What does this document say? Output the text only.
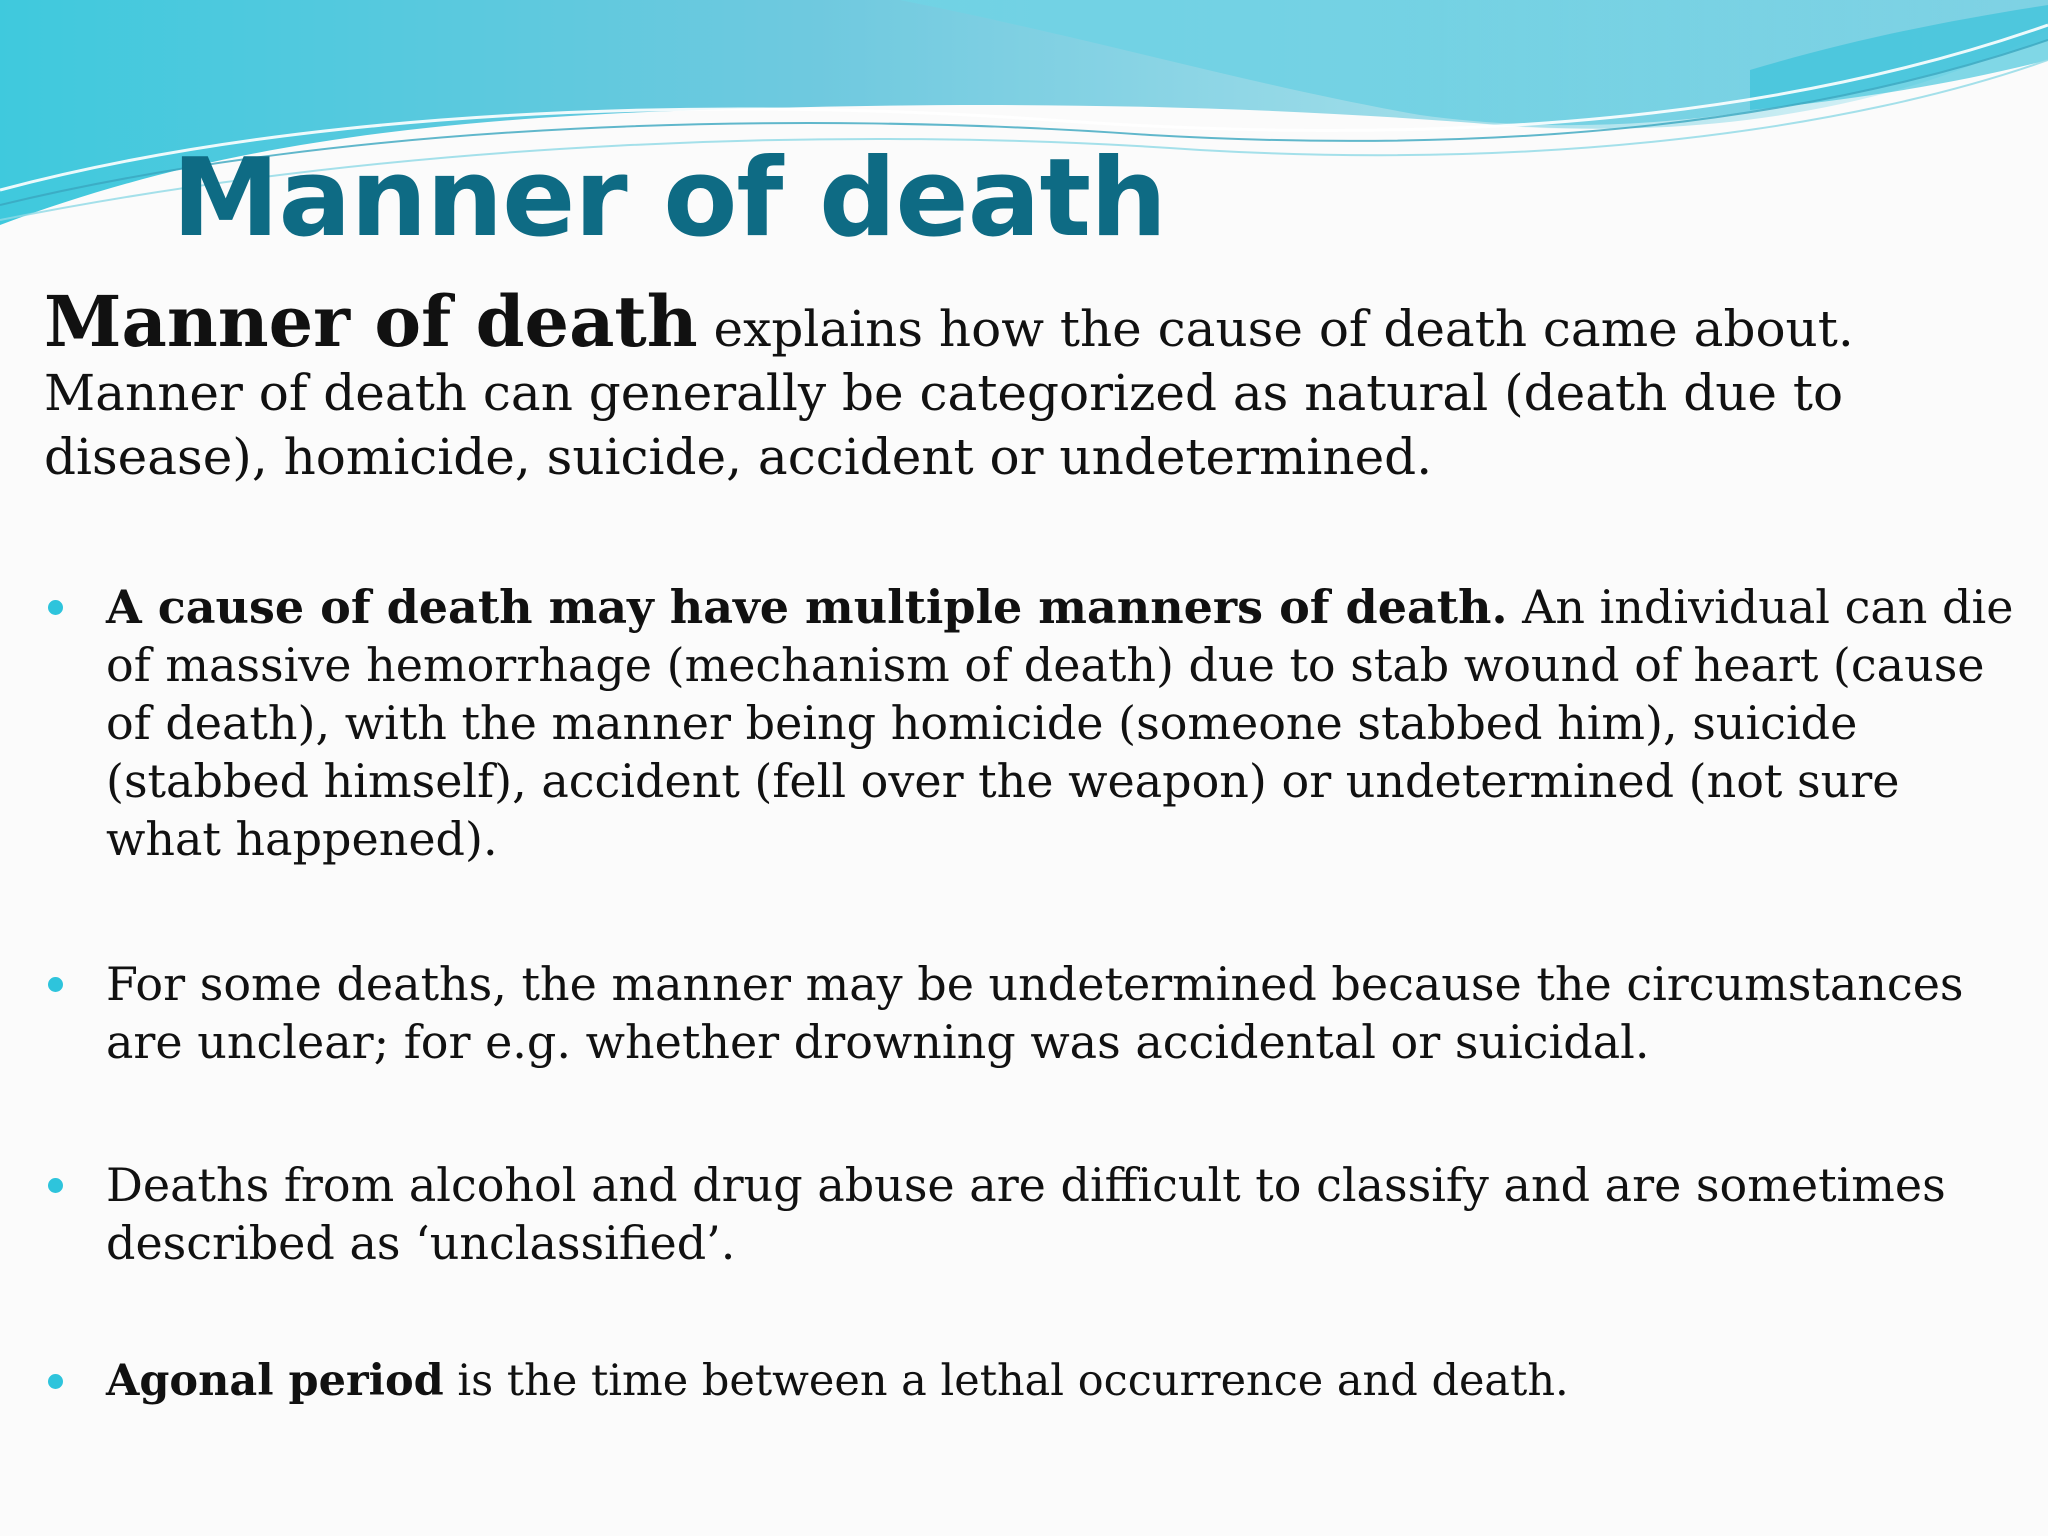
Manner of death

Manner of death explains how the cause of death came about. Manner of death can generally be categorized as natural (death due to disease), homicide, suicide, accident or undetermined.

A cause of death may have multiple manners of death. An individual can die of massive hemorrhage (mechanism of death) due to stab wound of heart (cause of death), with the manner being homicide (someone stabbed him), suicide (stabbed himself), accident (fell over the weapon) or undetermined (not sure what happened).
For some deaths, the manner may be undetermined because the circumstances are unclear; for e.g. whether drowning was accidental or suicidal.
Deaths from alcohol and drug abuse are difficult to classify and are sometimes described as ‘unclassified’.
Agonal period is the time between a lethal occurrence and death.
